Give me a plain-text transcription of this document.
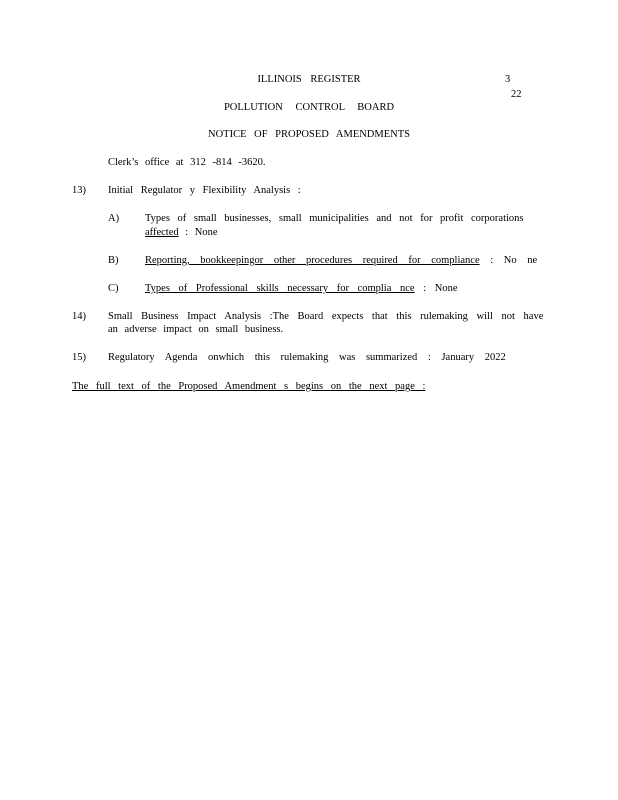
ILLINOIS REGISTER	3
22
POLLUTION CONTROL BOARD
NOTICE OF PROPOSED AMENDMENTS
Clerk’s office at 312 -814 -3620.
13) Initial Regulator y Flexibility Analysis :
A) Types of small businesses, small municipalities and not for profit corporations
affected : None
B)	Reporting, bookkeepingor other procedures required for compliance : No ne
C)	Types of Professional skills necessary for complia nce : None
14) Small Business Impact Analysis :The Board expects that this rulemaking will not have
an adverse impact on small business.
15) Regulatory Agenda onwhich this rulemaking was summarized : January 2022
The full text of the Proposed Amendment s begins on the next page :
